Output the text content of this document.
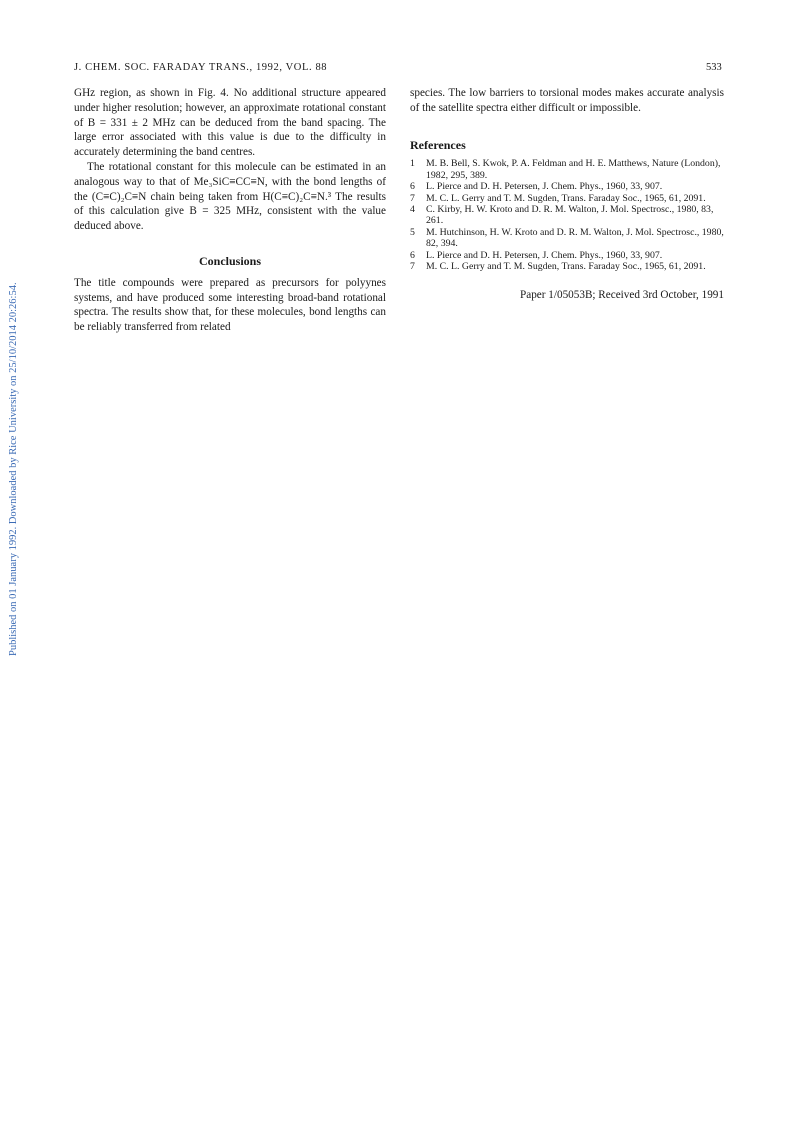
J. CHEM. SOC. FARADAY TRANS., 1992, VOL. 88	533
Published on 01 January 1992. Downloaded by Rice University on 25/10/2014 20:26:54.

GHz region, as shown in Fig. 4. No additional structure appeared under higher resolution; however, an approximate rotational constant of B = 331 ± 2 MHz can be deduced from the band spacing. The large error associated with this value is due to the difficulty in accurately determining the band centres.

The rotational constant for this molecule can be estimated in an analogous way to that of Me₃SiC≡CC≡N, with the bond lengths of the (C≡C)₂C≡N chain being taken from H(C≡C)₂C≡N.³ The results of this calculation give B = 325 MHz, consistent with the value deduced above.

Conclusions

The title compounds were prepared as precursors for polyynes systems, and have produced some interesting broad-band rotational spectra. The results show that, for these molecules, bond lengths can be reliably transferred from related

species. The low barriers to torsional modes makes accurate analysis of the satellite spectra either difficult or impossible.

References
1	M. B. Bell, S. Kwok, P. A. Feldman and H. E. Matthews, Nature (London), 1982, 295, 389.
6	L. Pierce and D. H. Petersen, J. Chem. Phys., 1960, 33, 907.
7	M. C. L. Gerry and T. M. Sugden, Trans. Faraday Soc., 1965, 61, 2091.
4	C. Kirby, H. W. Kroto and D. R. M. Walton, J. Mol. Spectrosc., 1980, 83, 261.
5	M. Hutchinson, H. W. Kroto and D. R. M. Walton, J. Mol. Spectrosc., 1980, 82, 394.
6	L. Pierce and D. H. Petersen, J. Chem. Phys., 1960, 33, 907.
7	M. C. L. Gerry and T. M. Sugden, Trans. Faraday Soc., 1965, 61, 2091.
Paper 1/05053B; Received 3rd October, 1991
